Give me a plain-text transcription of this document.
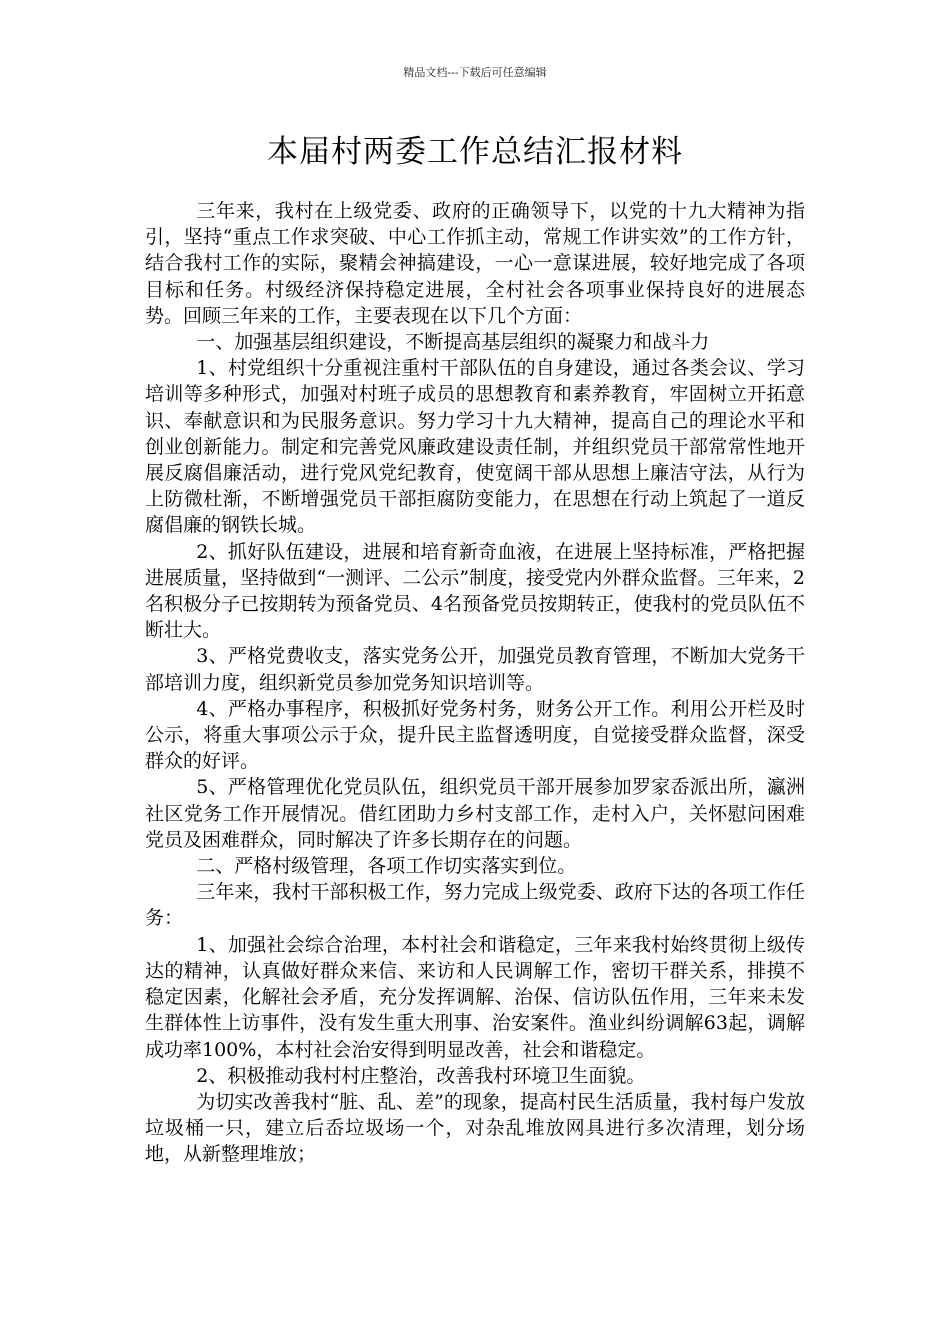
精品文档---下载后可任意编辑
本届村两委工作总结汇报材料

三年来，我村在上级党委、政府的正确领导下，以党的十九大精神为指引，坚持“重点工作求突破、中心工作抓主动，常规工作讲实效”的工作方针，结合我村工作的实际，聚精会神搞建设，一心一意谋进展，较好地完成了各项目标和任务。村级经济保持稳定进展，全村社会各项事业保持良好的进展态势。回顾三年来的工作，主要表现在以下几个方面：

一、加强基层组织建设，不断提高基层组织的凝聚力和战斗力

1、村党组织十分重视注重村干部队伍的自身建设，通过各类会议、学习培训等多种形式，加强对村班子成员的思想教育和素养教育，牢固树立开拓意识、奉献意识和为民服务意识。努力学习十九大精神，提高自己的理论水平和创业创新能力。制定和完善党风廉政建设责任制，并组织党员干部常常性地开展反腐倡廉活动，进行党风党纪教育，使宽阔干部从思想上廉洁守法，从行为上防微杜渐，不断增强党员干部拒腐防变能力，在思想在行动上筑起了一道反腐倡廉的钢铁长城。

2、抓好队伍建设，进展和培育新奇血液，在进展上坚持标准，严格把握进展质量，坚持做到“一测评、二公示”制度，接受党内外群众监督。三年来，2名积极分子已按期转为预备党员、4名预备党员按期转正，使我村的党员队伍不断壮大。

3、严格党费收支，落实党务公开，加强党员教育管理，不断加大党务干部培训力度，组织新党员参加党务知识培训等。

4、严格办事程序，积极抓好党务村务，财务公开工作。利用公开栏及时公示，将重大事项公示于众，提升民主监督透明度，自觉接受群众监督，深受群众的好评。

5、严格管理优化党员队伍，组织党员干部开展参加罗家岙派出所，瀛洲社区党务工作开展情况。借红团助力乡村支部工作，走村入户，关怀慰问困难党员及困难群众，同时解决了许多长期存在的问题。

二、严格村级管理，各项工作切实落实到位。

三年来，我村干部积极工作，努力完成上级党委、政府下达的各项工作任务：

1、加强社会综合治理，本村社会和谐稳定，三年来我村始终贯彻上级传达的精神，认真做好群众来信、来访和人民调解工作，密切干群关系，排摸不稳定因素，化解社会矛盾，充分发挥调解、治保、信访队伍作用，三年来未发生群体性上访事件，没有发生重大刑事、治安案件。渔业纠纷调解63起，调解成功率100%，本村社会治安得到明显改善，社会和谐稳定。

2、积极推动我村村庄整治，改善我村环境卫生面貌。

为切实改善我村“脏、乱、差”的现象，提高村民生活质量，我村每户发放垃圾桶一只，建立后岙垃圾场一个，对杂乱堆放网具进行多次清理，划分场地，从新整理堆放；
